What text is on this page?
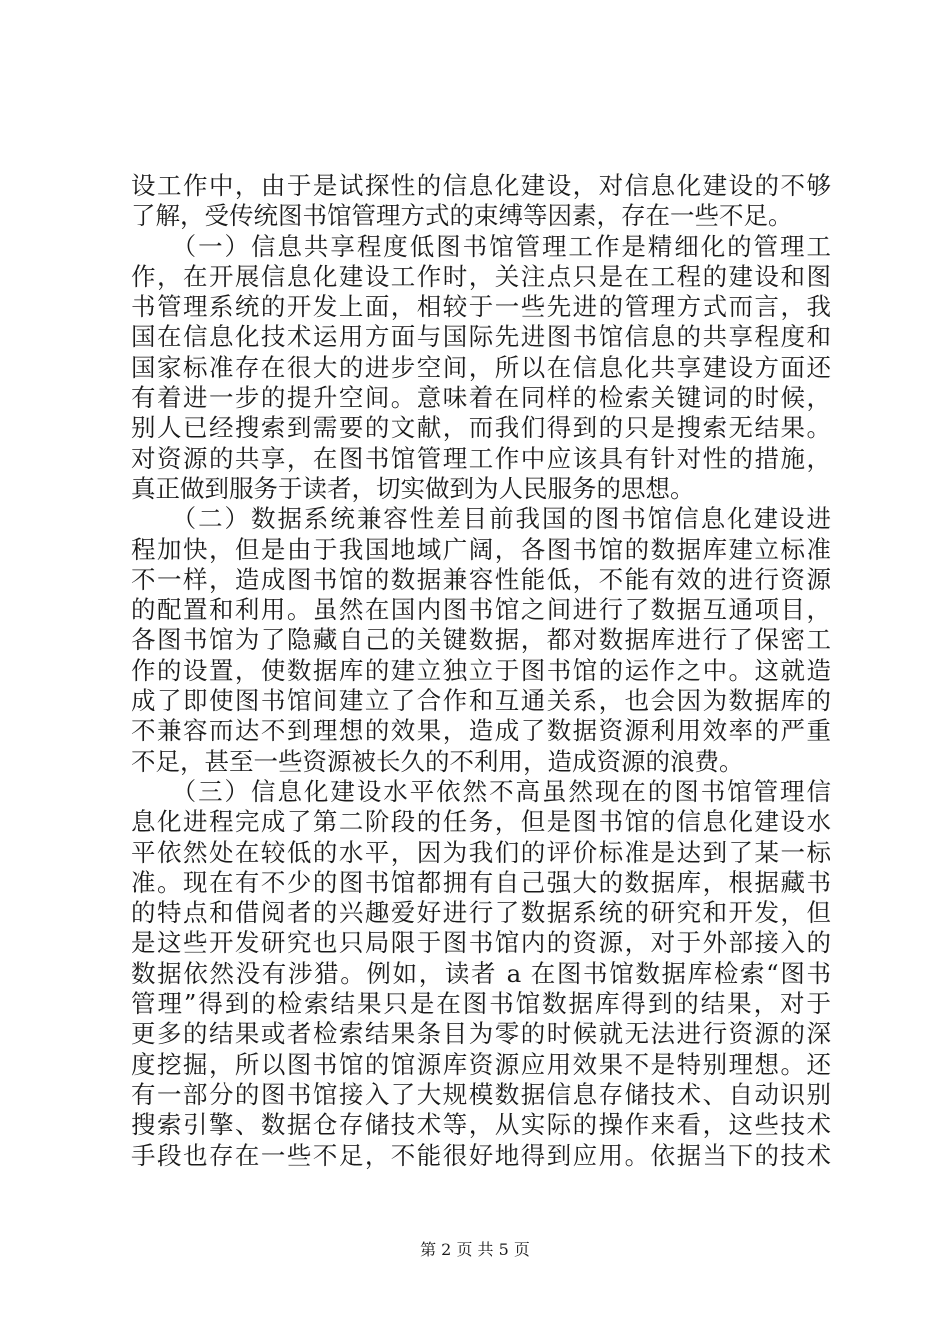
设工作中，由于是试探性的信息化建设，对信息化建设的不够
了解，受传统图书馆管理方式的束缚等因素，存在一些不足。
　　（一）信息共享程度低图书馆管理工作是精细化的管理工
作，在开展信息化建设工作时，关注点只是在工程的建设和图
书管理系统的开发上面，相较于一些先进的管理方式而言，我
国在信息化技术运用方面与国际先进图书馆信息的共享程度和
国家标准存在很大的进步空间，所以在信息化共享建设方面还
有着进一步的提升空间。意味着在同样的检索关键词的时候，
别人已经搜索到需要的文献，而我们得到的只是搜索无结果。
对资源的共享，在图书馆管理工作中应该具有针对性的措施，
真正做到服务于读者，切实做到为人民服务的思想。
　　（二）数据系统兼容性差目前我国的图书馆信息化建设进
程加快，但是由于我国地域广阔，各图书馆的数据库建立标准
不一样，造成图书馆的数据兼容性能低，不能有效的进行资源
的配置和利用。虽然在国内图书馆之间进行了数据互通项目，
各图书馆为了隐藏自己的关键数据，都对数据库进行了保密工
作的设置，使数据库的建立独立于图书馆的运作之中。这就造
成了即使图书馆间建立了合作和互通关系，也会因为数据库的
不兼容而达不到理想的效果，造成了数据资源利用效率的严重
不足，甚至一些资源被长久的不利用，造成资源的浪费。
　　（三）信息化建设水平依然不高虽然现在的图书馆管理信
息化进程完成了第二阶段的任务，但是图书馆的信息化建设水
平依然处在较低的水平，因为我们的评价标准是达到了某一标
准。现在有不少的图书馆都拥有自己强大的数据库，根据藏书
的特点和借阅者的兴趣爱好进行了数据系统的研究和开发，但
是这些开发研究也只局限于图书馆内的资源，对于外部接入的
数据依然没有涉猎。例如，读者 a 在图书馆数据库检索“图书
管理”得到的检索结果只是在图书馆数据库得到的结果，对于
更多的结果或者检索结果条目为零的时候就无法进行资源的深
度挖掘，所以图书馆的馆源库资源应用效果不是特别理想。还
有一部分的图书馆接入了大规模数据信息存储技术、自动识别
搜索引擎、数据仓存储技术等，从实际的操作来看，这些技术
手段也存在一些不足，不能很好地得到应用。依据当下的技术
第 2 页 共 5 页
